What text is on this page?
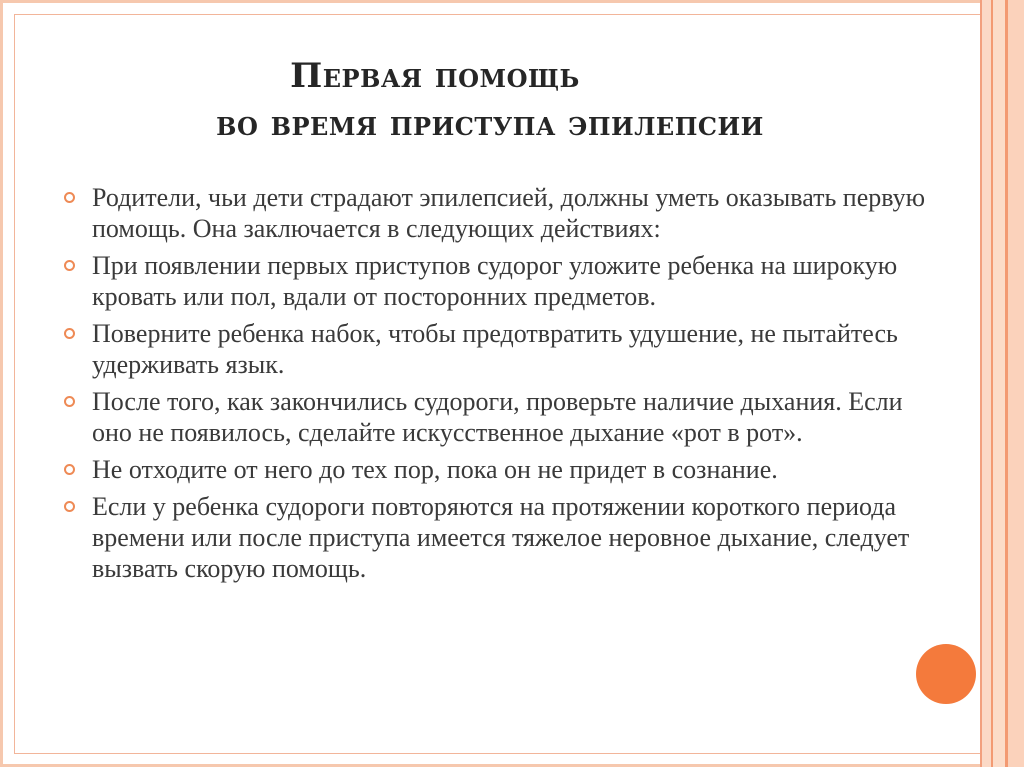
Первая помощь
во время приступа эпилепсии
Родители, чьи дети страдают эпилепсией, должны уметь оказывать первую помощь. Она заключается в следующих действиях:
При появлении первых приступов судорог уложите ребенка на широкую кровать или пол, вдали от посторонних предметов.
Поверните ребенка набок, чтобы предотвратить удушение, не пытайтесь удерживать язык.
После того, как закончились судороги, проверьте наличие дыхания. Если оно не появилось, сделайте искусственное дыхание «рот в рот».
Не отходите от него до тех пор, пока он не придет в сознание.
Если у ребенка судороги повторяются на протяжении короткого периода времени или после приступа имеется тяжелое неровное дыхание, следует вызвать скорую помощь.
